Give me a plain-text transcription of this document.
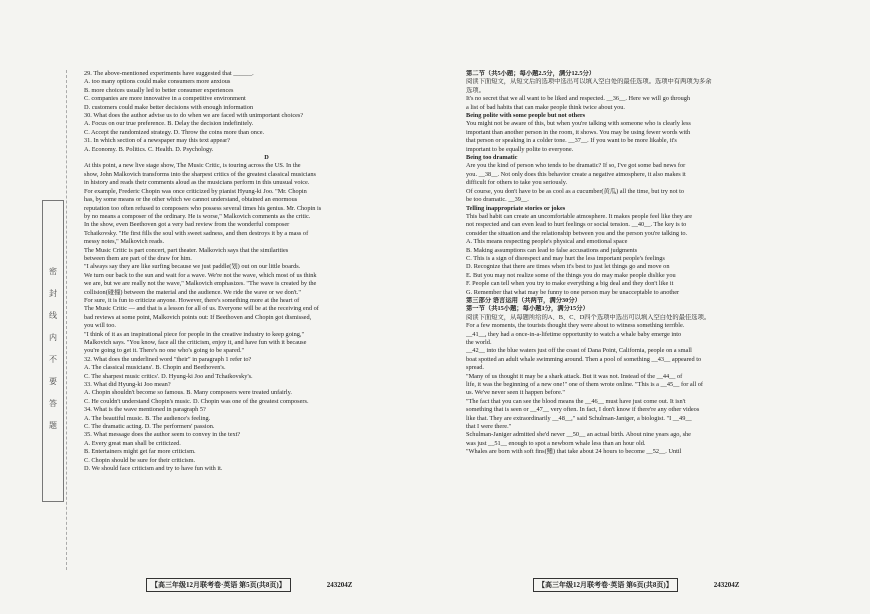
密 封 线 内 不 要 答 题
29. The above-mentioned experiments have suggested that ______.
A. too many options could make consumers more anxious
B. more choices usually led to better consumer experiences
C. companies are more innovative in a competitive environment
D. customers could make better decisions with enough information
30. What does the author advise us to do when we are faced with unimportant choices?
A. Focus on our true preference. B. Delay the decision indefinitely.
C. Accept the randomized strategy. D. Throw the coins more than once.
31. In which section of a newspaper may this text appear?
A. Economy. B. Politics. C. Health. D. Psychology.
D
At this point, a new live stage show, The Music Critic, is touring across the US. In the
show, John Malkovich transforms into the sharpest critics of the greatest classical musicians
in history and reads their comments aloud as the musicians perform in this unusual voice.
For example, Frederic Chopin was once criticized by pianist Hyung-ki Joo. "Mr. Chopin
has, by some means or the other which we cannot understand, obtained an enormous
reputation too often refused to composers who possess several times his genius. Mr. Chopin is
by no means a composer of the ordinary. He is worse," Malkovich comments as the critic.
In the show, even Beethoven got a very bad review from the wonderful composer
Tchaikovsky. "He first fills the soul with sweet sadness, and then destroys it by a mass of
messy notes," Malkovich reads.
The Music Critic is part concert, part theater. Malkovich says that the similarities
between them are part of the draw for him.
"I always say they are like surfing because we just paddle(划) out on our little boards.
We turn our back to the sun and wait for a wave. We're not the wave, which most of us think
we are, but we are really not the wave," Malkovich emphasizes. "The wave is created by the
collision(碰撞) between the material and the audience. We ride the wave or we don't."
For sure, it is fun to criticize anyone. However, there's something more at the heart of
The Music Critic — and that is a lesson for all of us. Everyone will be at the receiving end of
bad reviews at some point, Malkovich points out: If Beethoven and Chopin got dismissed,
you will too.
"I think of it as an inspirational piece for people in the creative industry to keep going,"
Malkovich says. "You know, face all the criticism, enjoy it, and have fun with it because
you're going to get it. There's no one who's going to be spared."
32. What does the underlined word "their" in paragraph 1 refer to?
A. The classical musicians'. B. Chopin and Beethoven's.
C. The sharpest music critics'. D. Hyung-ki Joo and Tchaikovsky's.
33. What did Hyung-ki Joo mean?
A. Chopin shouldn't become so famous. B. Many composers were treated unfairly.
C. He couldn't understand Chopin's music. D. Chopin was one of the greatest composers.
34. What is the wave mentioned in paragraph 5?
A. The beautiful music. B. The audience's feeling.
C. The dramatic acting. D. The performers' passion.
35. What message does the author seem to convey in the text?
A. Every great man shall be criticized.
B. Entertainers might get far more criticism.
C. Chopin should be sure for their criticism.
D. We should face criticism and try to have fun with it.
第二节（共5小题；每小题2.5分，满分12.5分）
阅读下面短文，从短文后的选项中选出可以填入空白处的最佳选项。选项中有两项为多余
选项。
It's no secret that we all want to be liked and respected. __36__. Here we will go through
a list of bad habits that can make people think twice about you.
Being polite with some people but not others
You might not be aware of this, but when you're talking with someone who is clearly less
important than another person in the room, it shows. You may be using fewer words with
that person or speaking in a colder tone. __37__. If you want to be more likable, it's
important to be equally polite to everyone.
Being too dramatic
Are you the kind of person who tends to be dramatic? If so, I've got some bad news for
you. __38__. Not only does this behavior create a negative atmosphere, it also makes it
difficult for others to take you seriously.
Of course, you don't have to be as cool as a cucumber(黄瓜) all the time, but try not to
be too dramatic. __39__.
Telling inappropriate stories or jokes
This bad habit can create an uncomfortable atmosphere. It makes people feel like they are
not respected and can even lead to hurt feelings or social tension. __40__. The key is to
consider the situation and the relationship between you and the person you're talking to.
A. This means respecting people's physical and emotional space
B. Making assumptions can lead to false accusations and judgments
C. This is a sign of disrespect and may hurt the less important people's feelings
D. Recognize that there are times when it's best to just let things go and move on
E. But you may not realize some of the things you do may make people dislike you
F. People can tell when you try to make everything a big deal and they don't like it
G. Remember that what may be funny to one person may be unacceptable to another
第三部分 语言运用（共两节，满分30分）
第一节（共15小题；每小题1分，满分15分）
阅读下面短文，从每题所给的A、B、C、D四个选项中选出可以填入空白处的最佳选项。
For a few moments, the tourists thought they were about to witness something terrible.
__41__, they had a once-in-a-lifetime opportunity to watch a whale baby emerge into
the world.
__42__ into the blue waters just off the coast of Dana Point, California, people on a small
boat spotted an adult whale swimming around. Then a pool of something __43__ appeared to
spread.
"Many of us thought it may be a shark attack. But it was not. Instead of the __44__ of
life, it was the beginning of a new one!" one of them wrote online. "This is a __45__ for all of
us. We've never seen it happen before."
"The fact that you can see the blood means the __46__ must have just come out. It isn't
something that is seen or __47__ very often. In fact, I don't know if there're any other videos
like that. They are extraordinarily __48__," said Schulman-Janiger, a biologist. "I __49__
that I were there."
Schulman-Janiger admitted she'd never __50__ an actual birth. About nine years ago, she
was just __51__ enough to spot a newborn whale less than an hour old.
"Whales are born with soft fins(鳍) that take about 24 hours to become __52__. Until
【高三年级12月联考卷·英语 第5页(共8页)】	243204Z	【高三年级12月联考卷·英语 第6页(共8页)】	243204Z
